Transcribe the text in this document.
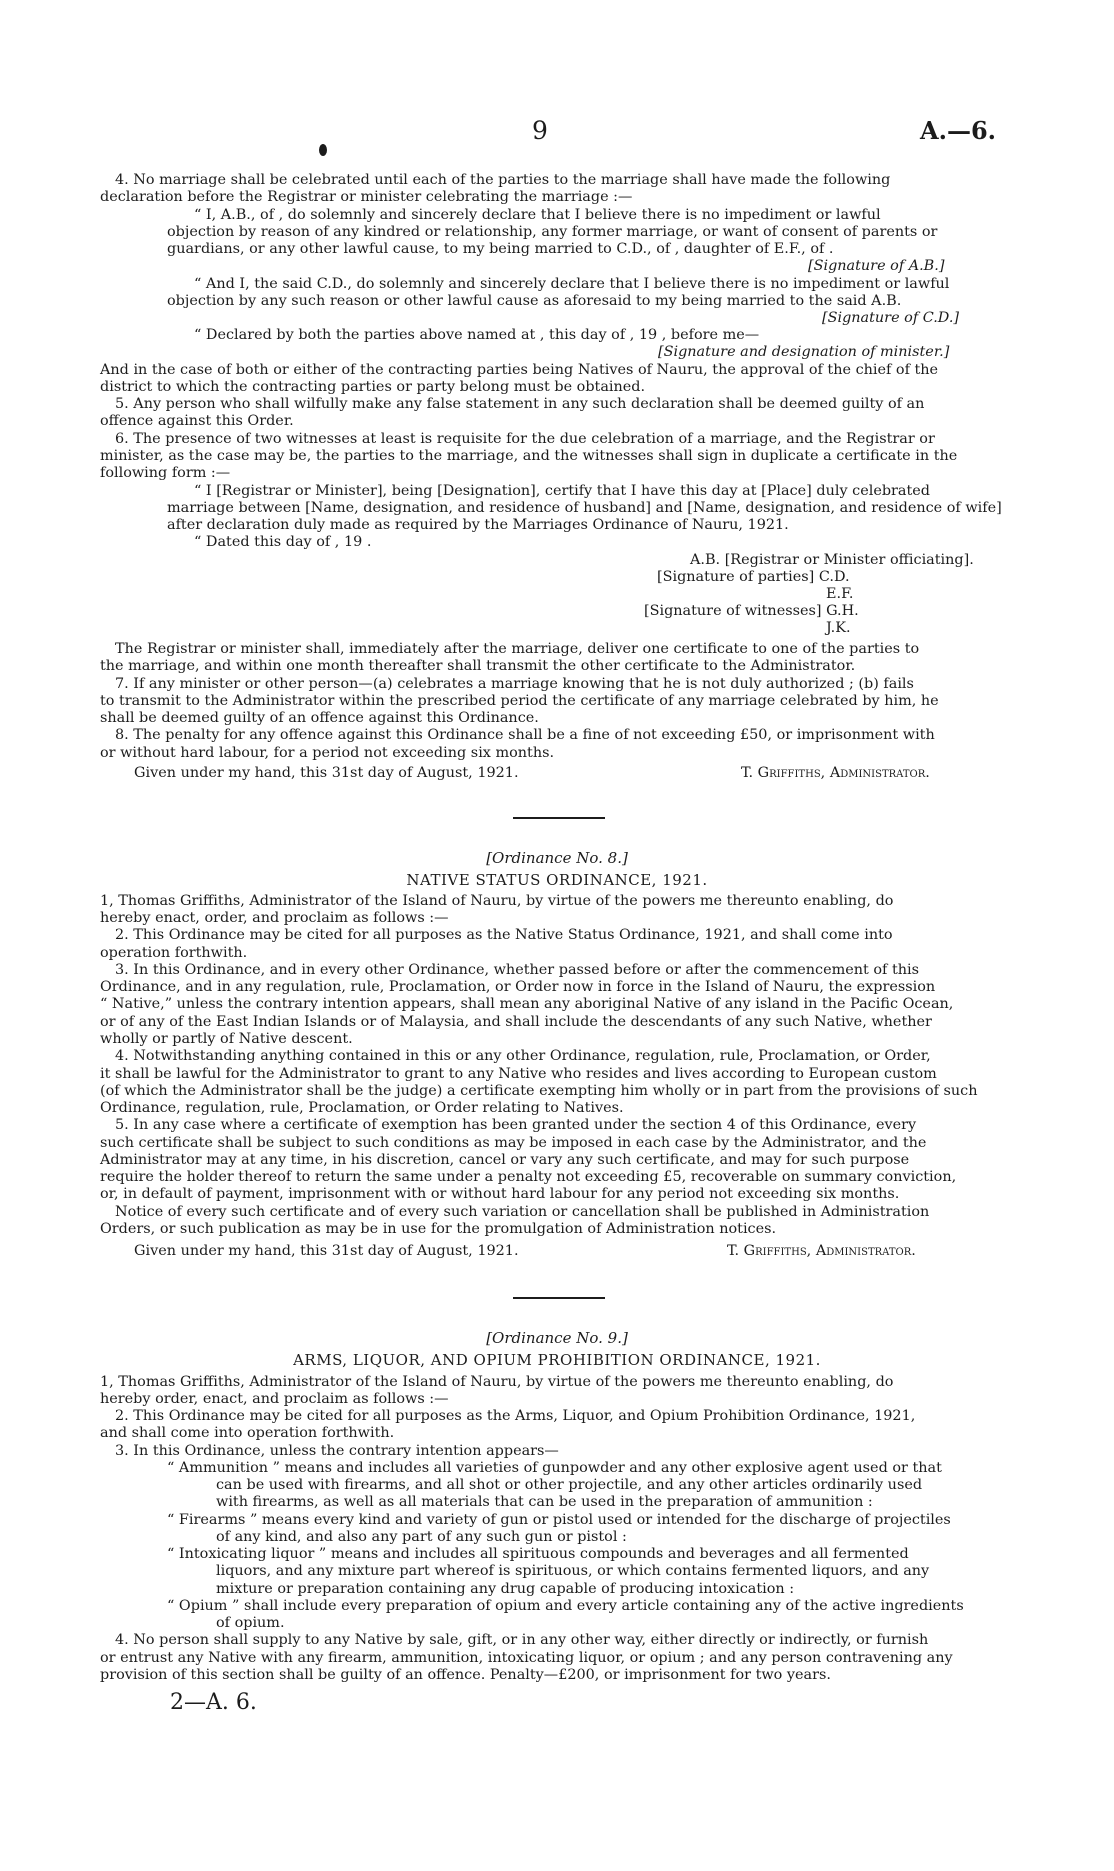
9	A.—6.
4. No marriage shall be celebrated until each of the parties to the marriage shall have made the following
declaration before the Registrar or minister celebrating the marriage :—
“ I, A.B., of , do solemnly and sincerely declare that I believe there is no impediment or lawful
objection by reason of any kindred or relationship, any former marriage, or want of consent of parents or
guardians, or any other lawful cause, to my being married to C.D., of , daughter of E.F., of .
[Signature of A.B.]
“ And I, the said C.D., do solemnly and sincerely declare that I believe there is no impediment or lawful
objection by any such reason or other lawful cause as aforesaid to my being married to the said A.B.
[Signature of C.D.]
“ Declared by both the parties above named at , this day of , 19 , before me—
[Signature and designation of minister.]
And in the case of both or either of the contracting parties being Natives of Nauru, the approval of the chief of the
district to which the contracting parties or party belong must be obtained.
5. Any person who shall wilfully make any false statement in any such declaration shall be deemed guilty of an
offence against this Order.
6. The presence of two witnesses at least is requisite for the due celebration of a marriage, and the Registrar or
minister, as the case may be, the parties to the marriage, and the witnesses shall sign in duplicate a certificate in the
following form :—
“ I [Registrar or Minister], being [Designation], certify that I have this day at [Place] duly celebrated
marriage between [Name, designation, and residence of husband] and [Name, designation, and residence of wife]
after declaration duly made as required by the Marriages Ordinance of Nauru, 1921.
“ Dated this day of , 19 .
A.B. [Registrar or Minister officiating].
[Signature of parties] C.D.
E.F.
[Signature of witnesses] G.H.
J.K.
The Registrar or minister shall, immediately after the marriage, deliver one certificate to one of the parties to
the marriage, and within one month thereafter shall transmit the other certificate to the Administrator.
7. If any minister or other person—(a) celebrates a marriage knowing that he is not duly authorized ; (b) fails
to transmit to the Administrator within the prescribed period the certificate of any marriage celebrated by him, he
shall be deemed guilty of an offence against this Ordinance.
8. The penalty for any offence against this Ordinance shall be a fine of not exceeding £50, or imprisonment with
or without hard labour, for a period not exceeding six months.
Given under my hand, this 31st day of August, 1921.	T. Griffiths, Administrator.
[Ordinance No. 8.]
NATIVE STATUS ORDINANCE, 1921.
1, Thomas Griffiths, Administrator of the Island of Nauru, by virtue of the powers me thereunto enabling, do
hereby enact, order, and proclaim as follows :—
2. This Ordinance may be cited for all purposes as the Native Status Ordinance, 1921, and shall come into
operation forthwith.
3. In this Ordinance, and in every other Ordinance, whether passed before or after the commencement of this
Ordinance, and in any regulation, rule, Proclamation, or Order now in force in the Island of Nauru, the expression
“ Native,” unless the contrary intention appears, shall mean any aboriginal Native of any island in the Pacific Ocean,
or of any of the East Indian Islands or of Malaysia, and shall include the descendants of any such Native, whether
wholly or partly of Native descent.
4. Notwithstanding anything contained in this or any other Ordinance, regulation, rule, Proclamation, or Order,
it shall be lawful for the Administrator to grant to any Native who resides and lives according to European custom
(of which the Administrator shall be the judge) a certificate exempting him wholly or in part from the provisions of such
Ordinance, regulation, rule, Proclamation, or Order relating to Natives.
5. In any case where a certificate of exemption has been granted under the section 4 of this Ordinance, every
such certificate shall be subject to such conditions as may be imposed in each case by the Administrator, and the
Administrator may at any time, in his discretion, cancel or vary any such certificate, and may for such purpose
require the holder thereof to return the same under a penalty not exceeding £5, recoverable on summary conviction,
or, in default of payment, imprisonment with or without hard labour for any period not exceeding six months.
Notice of every such certificate and of every such variation or cancellation shall be published in Administration
Orders, or such publication as may be in use for the promulgation of Administration notices.
Given under my hand, this 31st day of August, 1921.	T. Griffiths, Administrator.
[Ordinance No. 9.]
ARMS, LIQUOR, AND OPIUM PROHIBITION ORDINANCE, 1921.
1, Thomas Griffiths, Administrator of the Island of Nauru, by virtue of the powers me thereunto enabling, do
hereby order, enact, and proclaim as follows :—
2. This Ordinance may be cited for all purposes as the Arms, Liquor, and Opium Prohibition Ordinance, 1921,
and shall come into operation forthwith.
3. In this Ordinance, unless the contrary intention appears—
“ Ammunition ” means and includes all varieties of gunpowder and any other explosive agent used or that
can be used with firearms, and all shot or other projectile, and any other articles ordinarily used
with firearms, as well as all materials that can be used in the preparation of ammunition :
“ Firearms ” means every kind and variety of gun or pistol used or intended for the discharge of projectiles
of any kind, and also any part of any such gun or pistol :
“ Intoxicating liquor ” means and includes all spirituous compounds and beverages and all fermented
liquors, and any mixture part whereof is spirituous, or which contains fermented liquors, and any
mixture or preparation containing any drug capable of producing intoxication :
“ Opium ” shall include every preparation of opium and every article containing any of the active ingredients
of opium.
4. No person shall supply to any Native by sale, gift, or in any other way, either directly or indirectly, or furnish
or entrust any Native with any firearm, ammunition, intoxicating liquor, or opium ; and any person contravening any
provision of this section shall be guilty of an offence. Penalty—£200, or imprisonment for two years.
2—A. 6.
